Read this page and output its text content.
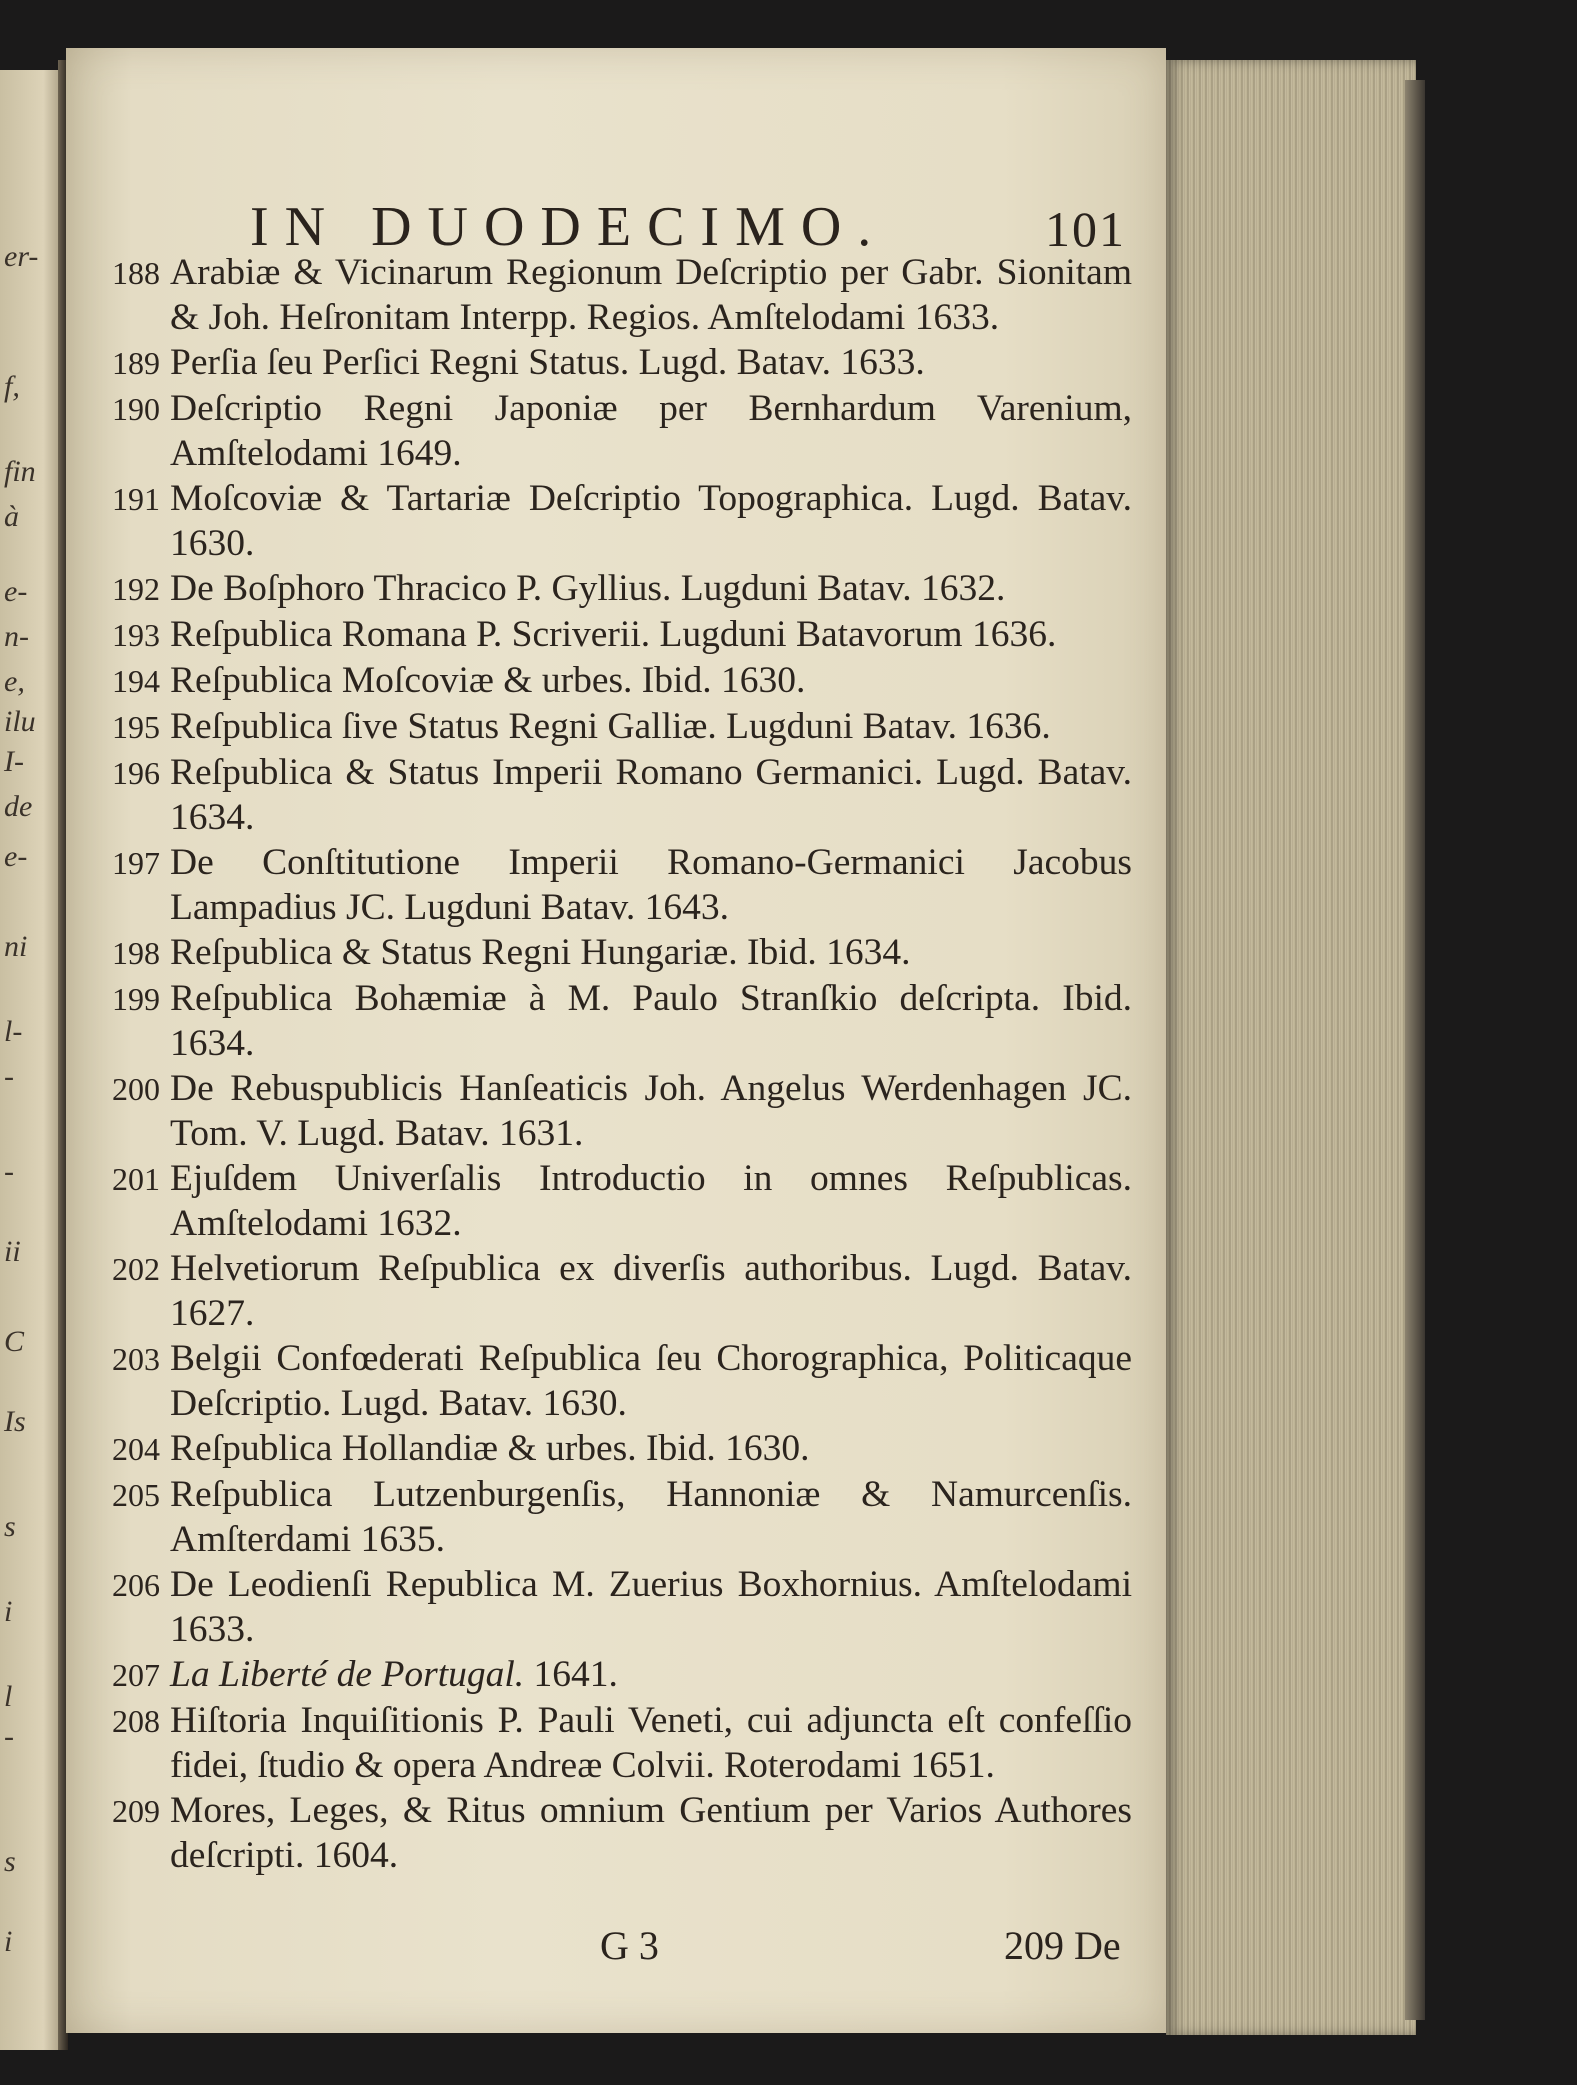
er-
f,
fin
à
e-
n-
e,
ilu
I-
de
e-
ni
l-
-
-
ii
C
Is
s
i
l
-
s
i
IN DUODECIMO.	101
188 Arabiæ & Vicinarum Regionum Deſcriptio per Gabr. Sionitam & Joh. Heſronitam Interpp. Regios. Amſtelodami 1633.
189 Perſia ſeu Perſici Regni Status. Lugd. Batav. 1633.
190 Deſcriptio Regni Japoniæ per Bernhardum Varenium, Amſtelodami 1649.
191 Moſcoviæ & Tartariæ Deſcriptio Topographica. Lugd. Batav. 1630.
192 De Boſphoro Thracico P. Gyllius. Lugduni Batav. 1632.
193 Reſpublica Romana P. Scriverii. Lugduni Batavorum 1636.
194 Reſpublica Moſcoviæ & urbes. Ibid. 1630.
195 Reſpublica ſive Status Regni Galliæ. Lugduni Batav. 1636.
196 Reſpublica & Status Imperii Romano Germanici. Lugd. Batav. 1634.
197 De Conſtitutione Imperii Romano-Germanici Jacobus Lampadius JC. Lugduni Batav. 1643.
198 Reſpublica & Status Regni Hungariæ. Ibid. 1634.
199 Reſpublica Bohæmiæ à M. Paulo Stranſkio deſcripta. Ibid. 1634.
200 De Rebuspublicis Hanſeaticis Joh. Angelus Werdenhagen JC. Tom. V. Lugd. Batav. 1631.
201 Ejuſdem Univerſalis Introductio in omnes Reſpublicas. Amſtelodami 1632.
202 Helvetiorum Reſpublica ex diverſis authoribus. Lugd. Batav. 1627.
203 Belgii Confœderati Reſpublica ſeu Chorographica, Politicaque Deſcriptio. Lugd. Batav. 1630.
204 Reſpublica Hollandiæ & urbes. Ibid. 1630.
205 Reſpublica Lutzenburgenſis, Hannoniæ & Namurcenſis. Amſterdami 1635.
206 De Leodienſi Republica M. Zuerius Boxhornius. Amſtelodami 1633.
207 La Liberté de Portugal. 1641.
208 Hiſtoria Inquiſitionis P. Pauli Veneti, cui adjuncta eſt confeſſio fidei, ſtudio & opera Andreæ Colvii. Roterodami 1651.
209 Mores, Leges, & Ritus omnium Gentium per Varios Authores deſcripti. 1604.
G 3	209 De
